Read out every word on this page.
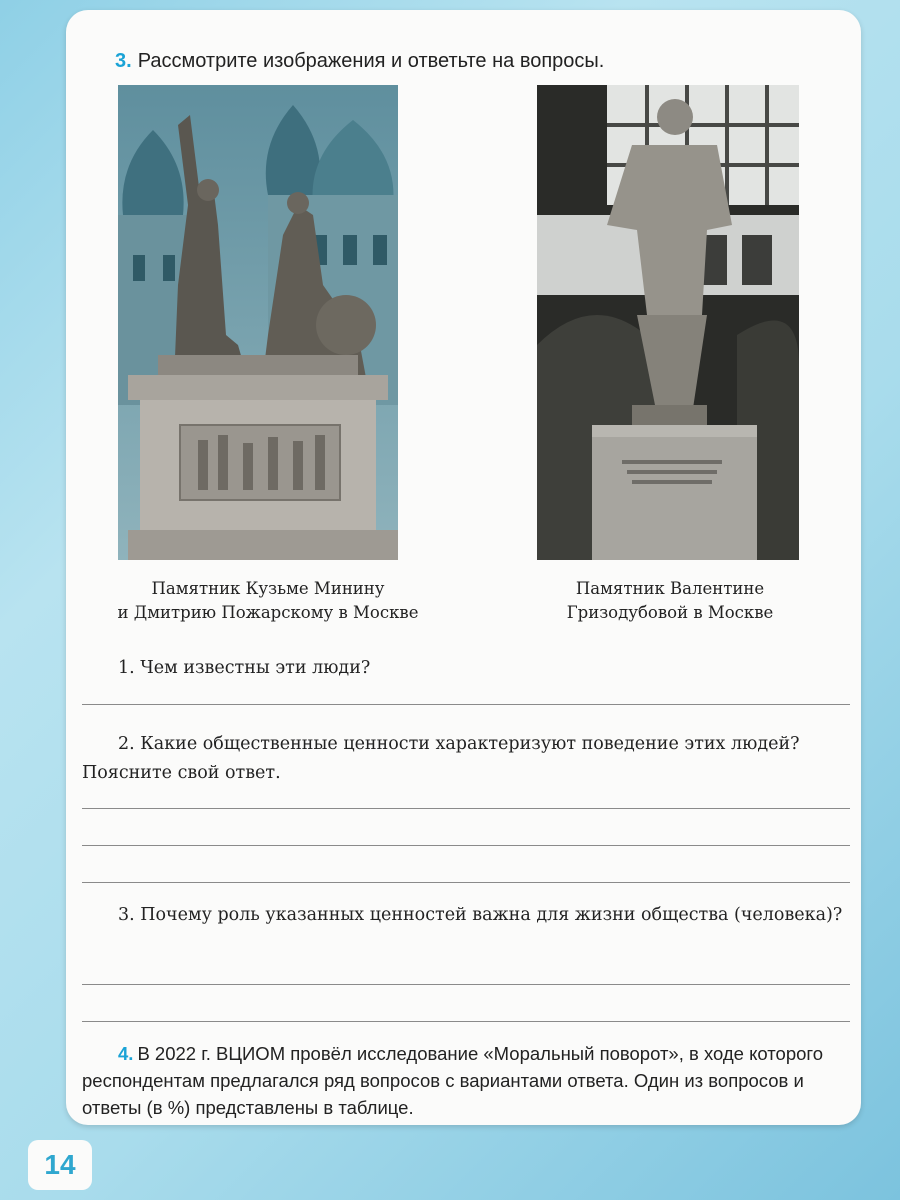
3. Рассмотрите изображения и ответьте на вопросы.
Памятник Кузьме Минину
и Дмитрию Пожарскому в Москве
Памятник Валентине
Гризодубовой в Москве
1. Чем известны эти люди?
2. Какие общественные ценности характеризуют поведение этих людей? Поясните свой ответ.
3. Почему роль указанных ценностей важна для жизни общества (человека)?
4. В 2022 г. ВЦИОМ провёл исследование «Моральный поворот», в ходе которого респондентам предлагался ряд вопросов с вариантами ответа. Один из вопросов и ответы (в %) представлены в таблице.
14
